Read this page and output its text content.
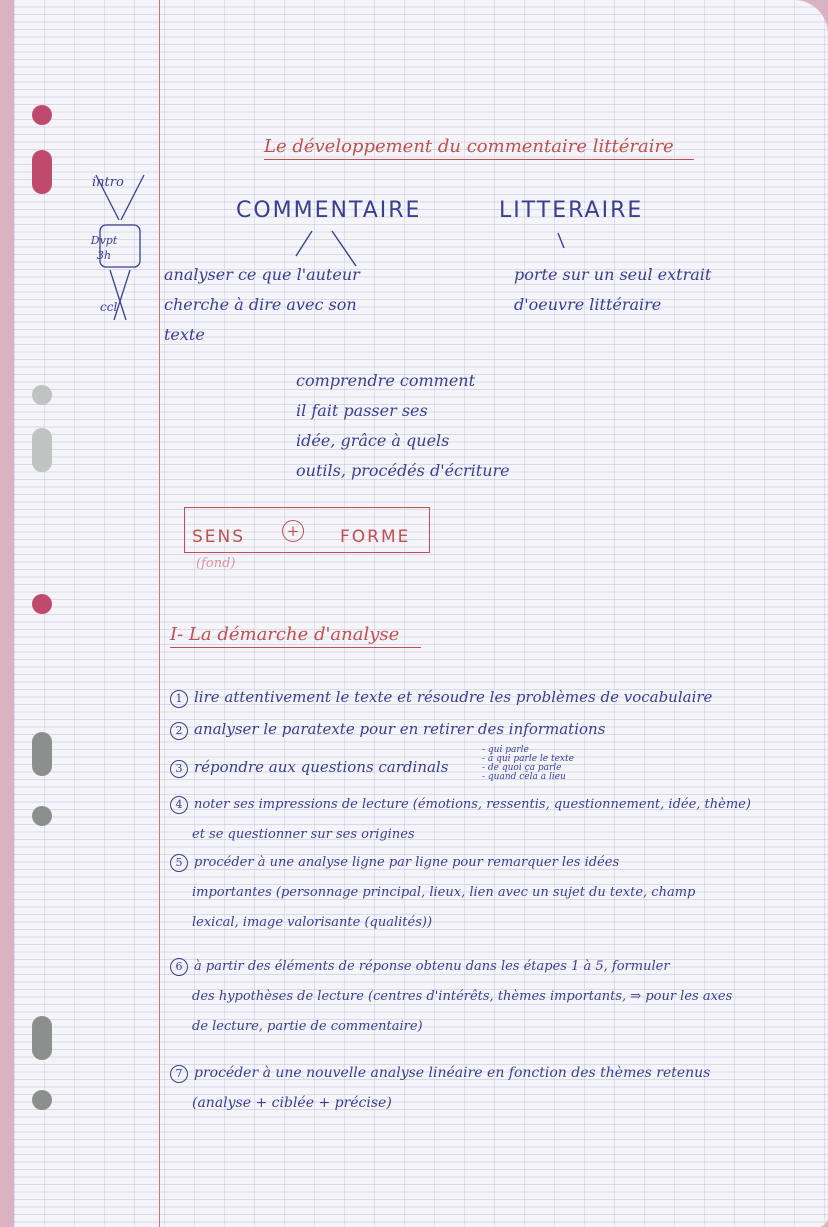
intro
Dvpt 3h
ccl
Le développement du commentaire littéraire
COMMENTAIRE	LITTERAIRE
analyser ce que l'auteur
cherche à dire avec son
texte
porte sur un seul extrait
d'oeuvre littéraire
comprendre comment
il fait passer ses
idée, grâce à quels
outils, procédés d'écriture
SENS	+ FORME
(fond)
I- La démarche d'analyse
1 lire attentivement le texte et résoudre les problèmes de vocabulaire
2 analyser le paratexte pour en retirer des informations
3 répondre aux questions cardinals
- qui parle
- à qui parle le texte
- de quoi ça parle
- quand cela a lieu
4 noter ses impressions de lecture (émotions, ressentis, questionnement, idée, thème)
et se questionner sur ses origines
5 procéder à une analyse ligne par ligne pour remarquer les idées
importantes (personnage principal, lieux, lien avec un sujet du texte, champ
lexical, image valorisante (qualités))
6 à partir des éléments de réponse obtenu dans les étapes 1 à 5, formuler
des hypothèses de lecture (centres d'intérêts, thèmes importants, ⇒ pour les axes
de lecture, partie de commentaire)
7 procéder à une nouvelle analyse linéaire en fonction des thèmes retenus
(analyse + ciblée + précise)
